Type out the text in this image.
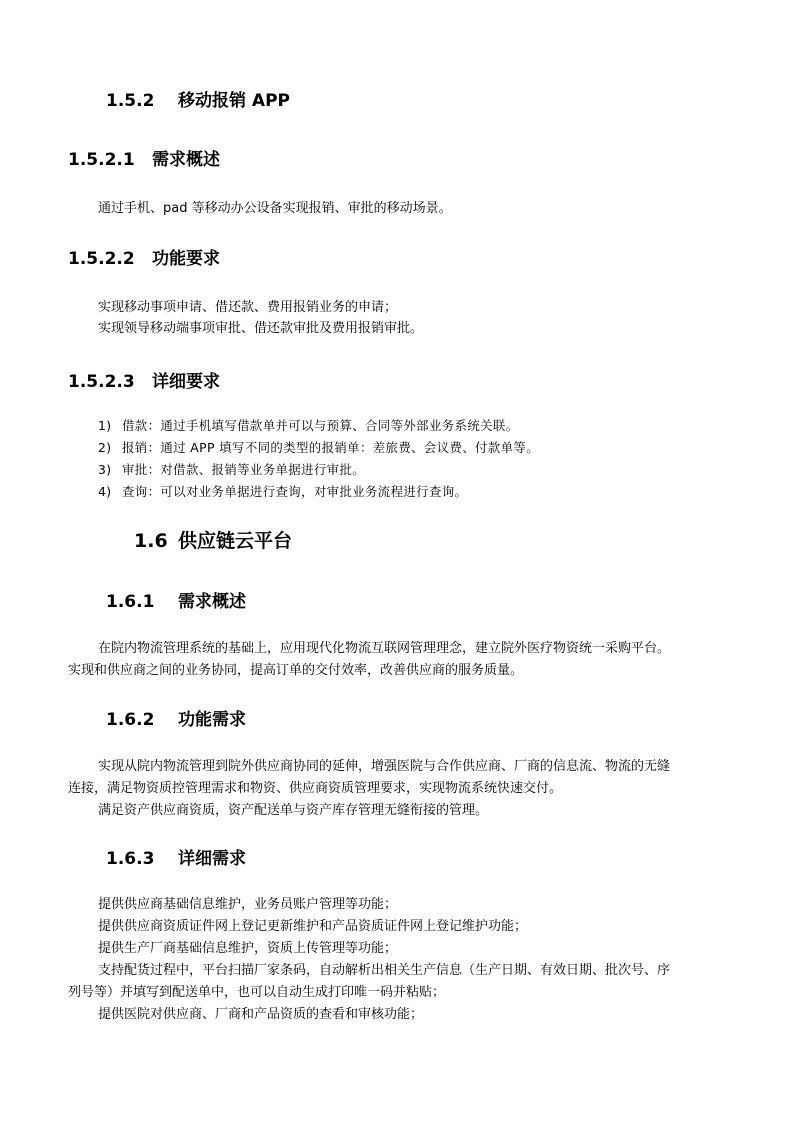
1.5.2 移动报销 APP
1.5.2.1 需求概述
通过手机、pad 等移动办公设备实现报销、审批的移动场景。
1.5.2.2 功能要求
实现移动事项申请、借还款、费用报销业务的申请；
实现领导移动端事项审批、借还款审批及费用报销审批。
1.5.2.3 详细要求
1) 借款：通过手机填写借款单并可以与预算、合同等外部业务系统关联。
2) 报销：通过 APP 填写不同的类型的报销单：差旅费、会议费、付款单等。
3) 审批：对借款、报销等业务单据进行审批。
4) 查询：可以对业务单据进行查询，对审批业务流程进行查询。
1.6 供应链云平台
1.6.1 需求概述
在院内物流管理系统的基础上，应用现代化物流互联网管理理念，建立院外医疗物资统一采购平台。
实现和供应商之间的业务协同，提高订单的交付效率，改善供应商的服务质量。
1.6.2 功能需求
实现从院内物流管理到院外供应商协同的延伸，增强医院与合作供应商、厂商的信息流、物流的无缝
连接，满足物资质控管理需求和物资、供应商资质管理要求，实现物流系统快速交付。
满足资产供应商资质，资产配送单与资产库存管理无缝衔接的管理。
1.6.3 详细需求
提供供应商基础信息维护，业务员账户管理等功能；
提供供应商资质证件网上登记更新维护和产品资质证件网上登记维护功能；
提供生产厂商基础信息维护，资质上传管理等功能；
支持配货过程中，平台扫描厂家条码，自动解析出相关生产信息（生产日期、有效日期、批次号、序
列号等）并填写到配送单中，也可以自动生成打印唯一码并粘贴；
提供医院对供应商、厂商和产品资质的查看和审核功能；
